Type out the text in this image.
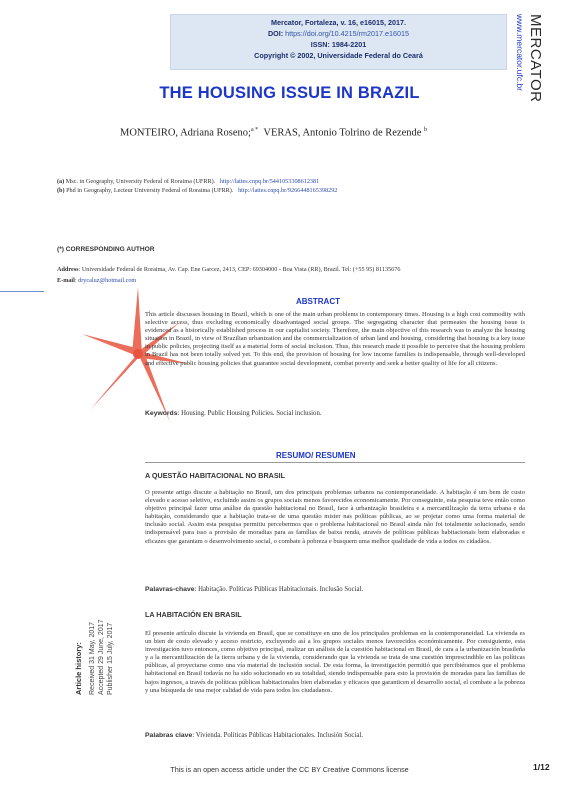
Mercator, Fortaleza, v. 16, e16015, 2017.
DOI: https://doi.org/10.4215/rm2017.e16015
ISSN: 1984-2201
Copyright © 2002, Universidade Federal do Ceará	MERCATOR
www.mercator.ufc.br
THE HOUSING ISSUE IN BRAZIL
MONTEIRO, Adriana Roseno;$^{a *}$ VERAS, Antonio Tolrino de Rezende $^b$
(a) Msc. in Geography, University Federal of Roraima (UFRR). http://lattes.cnpq.br/5441053308612381
(b) Phd in Geography, Lecteur University Federal of Roraima (UFRR). http://lattes.cnpq.br/9266448165398292
(*) CORRESPONDING AUTHOR
Address: Universidade Federal de Roraima, Av. Cap. Ene Garcez, 2413, CEP: 69304000 - Boa Vista (RR), Brazil. Tel: (+55 95) 81135676
E-mail: drycaluz@hotmail.com
ABSTRACT
This article discusses housing in Brazil, which is one of the main urban problems in contemporary times. Housing is a high cost commodity with selective access, thus excluding economically disadvantaged social groups. The segregating character that permeates the housing issue is evidenced as a historically established process in our capitalist society. Therefore, the main objective of this research was to analyze the housing situation in Brazil, in view of Brazilian urbanization and the commercialization of urban land and housing, considering that housing is a key issue in public policies, projecting itself as a material form of social inclusion. Thus, this research made it possible to perceive that the housing problem in Brazil has not been totally solved yet. To this end, the provision of housing for low income families is indispensable, through well-developed and effective public housing policies that guarantee social development, combat poverty and seek a better quality of life for all citizens.
Keywords: Housing. Public Housing Policies. Social inclusion.
RESUMO/ RESUMEN
A QUESTÃO HABITACIONAL NO BRASIL
O presente artigo discute a habitação no Brasil, um dos principais problemas urbanos na contemporaneidade. A habitação é um bem de custo elevado e acesso seletivo, excluindo assim os grupos sociais menos favorecidos economicamente. Por conseguinte, esta pesquisa teve então como objetivo principal fazer uma análise da questão habitacional no Brasil, face à urbanização brasileira e a mercantilização da terra urbana e da habitação, considerando que a habitação trata-se de uma questão mister nas políticas públicas, ao se projetar como uma forma material de inclusão social. Assim esta pesquisa permitiu percebermos que o problema habitacional no Brasil ainda não foi totalmente solucionado, sendo indispensável para isso a provisão de moradias para as famílias de baixa renda, através de políticas públicas habitacionais bem elaboradas e eficazes que garantam o desenvolvimento social, o combate à pobreza e busquem uma melhor qualidade de vida a todos os cidadãos.
Palavras-chave: Habitação. Políticas Públicas Habitacionais. Inclusão Social.
LA HABITACIÓN EN BRASIL
El presente artículo discute la vivienda en Brasil, que se constituye en uno de los principales problemas en la contemporaneidad. La vivienda es un bien de costo elevado y acceso restricto, excluyendo así a los grupos sociales menos favorecidos económicamente. Por consiguiente, esta investigación tuvo entonces, como objetivo principal, realizar un análisis de la cuestión habitacional en Brasil, de cara a la urbanización brasileña y a la mercantilización de la tierra urbana y de la vivienda, considerando que la vivienda se trata de una cuestión imprescindible en las políticas públicas, al proyectarse como una vía material de inclusión social. De esta forma, la investigación permitió que percibiéramos que el problema habitacional en Brasil todavía no ha sido solucionado en su totalidad, siendo indispensable para esto la provisión de moradas para las familias de bajos ingresos, a través de políticas públicas habitacionales bien elaboradas y eficaces que garanticen el desarrollo social, el combate a la pobreza y una búsqueda de una mejor calidad de vida para todos los ciudadanos.
Palabras clave: Vivienda. Políticas Públicas Habitacionales. Inclusión Social.
Article history: Received 31 May, 2017 Accepted 29 June, 2017 Publisher 15 July, 2017
This is an open access article under the CC BY Creative Commons license	1/12
